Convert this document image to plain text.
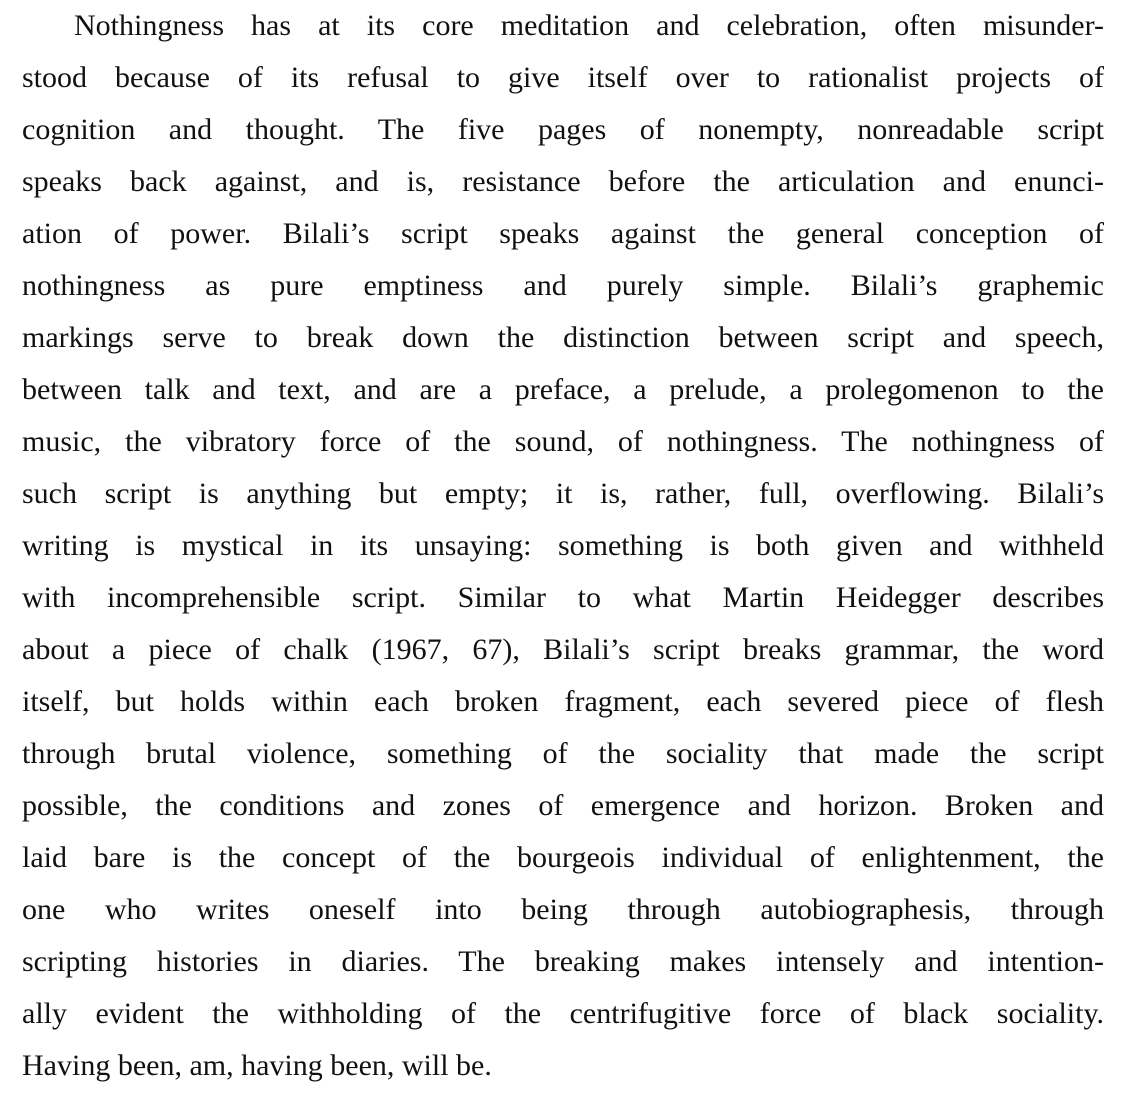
Nothingness has at its core meditation and celebration, often misunder-
stood because of its refusal to give itself over to rationalist projects of
cognition and thought. The five pages of nonempty, nonreadable script
speaks back against, and is, resistance before the articulation and enunci-
ation of power. Bilali’s script speaks against the general conception of
nothingness as pure emptiness and purely simple. Bilali’s graphemic
markings serve to break down the distinction between script and speech,
between talk and text, and are a preface, a prelude, a prolegomenon to the
music, the vibratory force of the sound, of nothingness. The nothingness of
such script is anything but empty; it is, rather, full, overflowing. Bilali’s
writing is mystical in its unsaying: something is both given and withheld
with incomprehensible script. Similar to what Martin Heidegger describes
about a piece of chalk (1967, 67), Bilali’s script breaks grammar, the word
itself, but holds within each broken fragment, each severed piece of flesh
through brutal violence, something of the sociality that made the script
possible, the conditions and zones of emergence and horizon. Broken and
laid bare is the concept of the bourgeois individual of enlightenment, the
one who writes oneself into being through autobiographesis, through
scripting histories in diaries. The breaking makes intensely and intention-
ally evident the withholding of the centrifugitive force of black sociality.
Having been, am, having been, will be.
